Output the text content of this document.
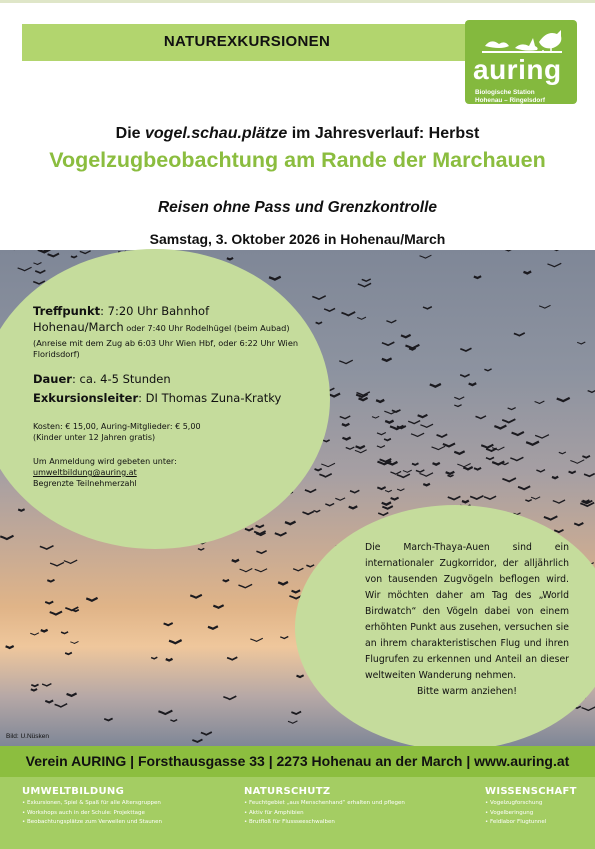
NATUREXKURSIONEN
auring
Biologische Station
Hohenau – Ringelsdorf
Die vogel.schau.plätze im Jahresverlauf: Herbst
Vogelzugbeobachtung am Rande der Marchauen
Reisen ohne Pass und Grenzkontrolle
Samstag, 3. Oktober 2026 in Hohenau/March
Treffpunkt: 7:20 Uhr Bahnhof
Hohenau/March oder 7:40 Uhr Rodelhügel (beim Aubad)
(Anreise mit dem Zug ab 6:03 Uhr Wien Hbf, oder 6:22 Uhr Wien Floridsdorf)
Dauer: ca. 4-5 Stunden
Exkursionsleiter: DI Thomas Zuna-Kratky
Kosten: € 15,00, Auring-Mitglieder: € 5,00
(Kinder unter 12 Jahren gratis)
Um Anmeldung wird gebeten unter:
umweltbildung@auring.at
Begrenzte Teilnehmerzahl
Die March-Thaya-Auen sind ein internationaler Zugkorridor, der alljährlich von tausenden Zugvögeln beflogen wird. Wir möchten daher am Tag des „World Birdwatch“ den Vögeln dabei von einem erhöhten Punkt aus zusehen, versuchen sie an ihrem charakteristischen Flug und ihren Flugrufen zu erkennen und Anteil an dieser weltweiten Wanderung nehmen.
Bitte warm anziehen!
Bild: U.Nüsken
Verein AURING | Forsthausgasse 33 | 2273 Hohenau an der March | www.auring.at
UMWELTBILDUNG
• Exkursionen, Spiel & Spaß für alle Altersgruppen
• Workshops auch in der Schule: Projekttage
• Beobachtungsplätze zum Verweilen und Staunen
NATURSCHUTZ
• Feuchtgebiet „aus Menschenhand“ erhalten und pflegen
• Aktiv für Amphibien
• Brutfloß für Flussseeschwalben
WISSENSCHAFT
• Vogelzugforschung
• Vogelberingung
• Feldlabor Flugtunnel
